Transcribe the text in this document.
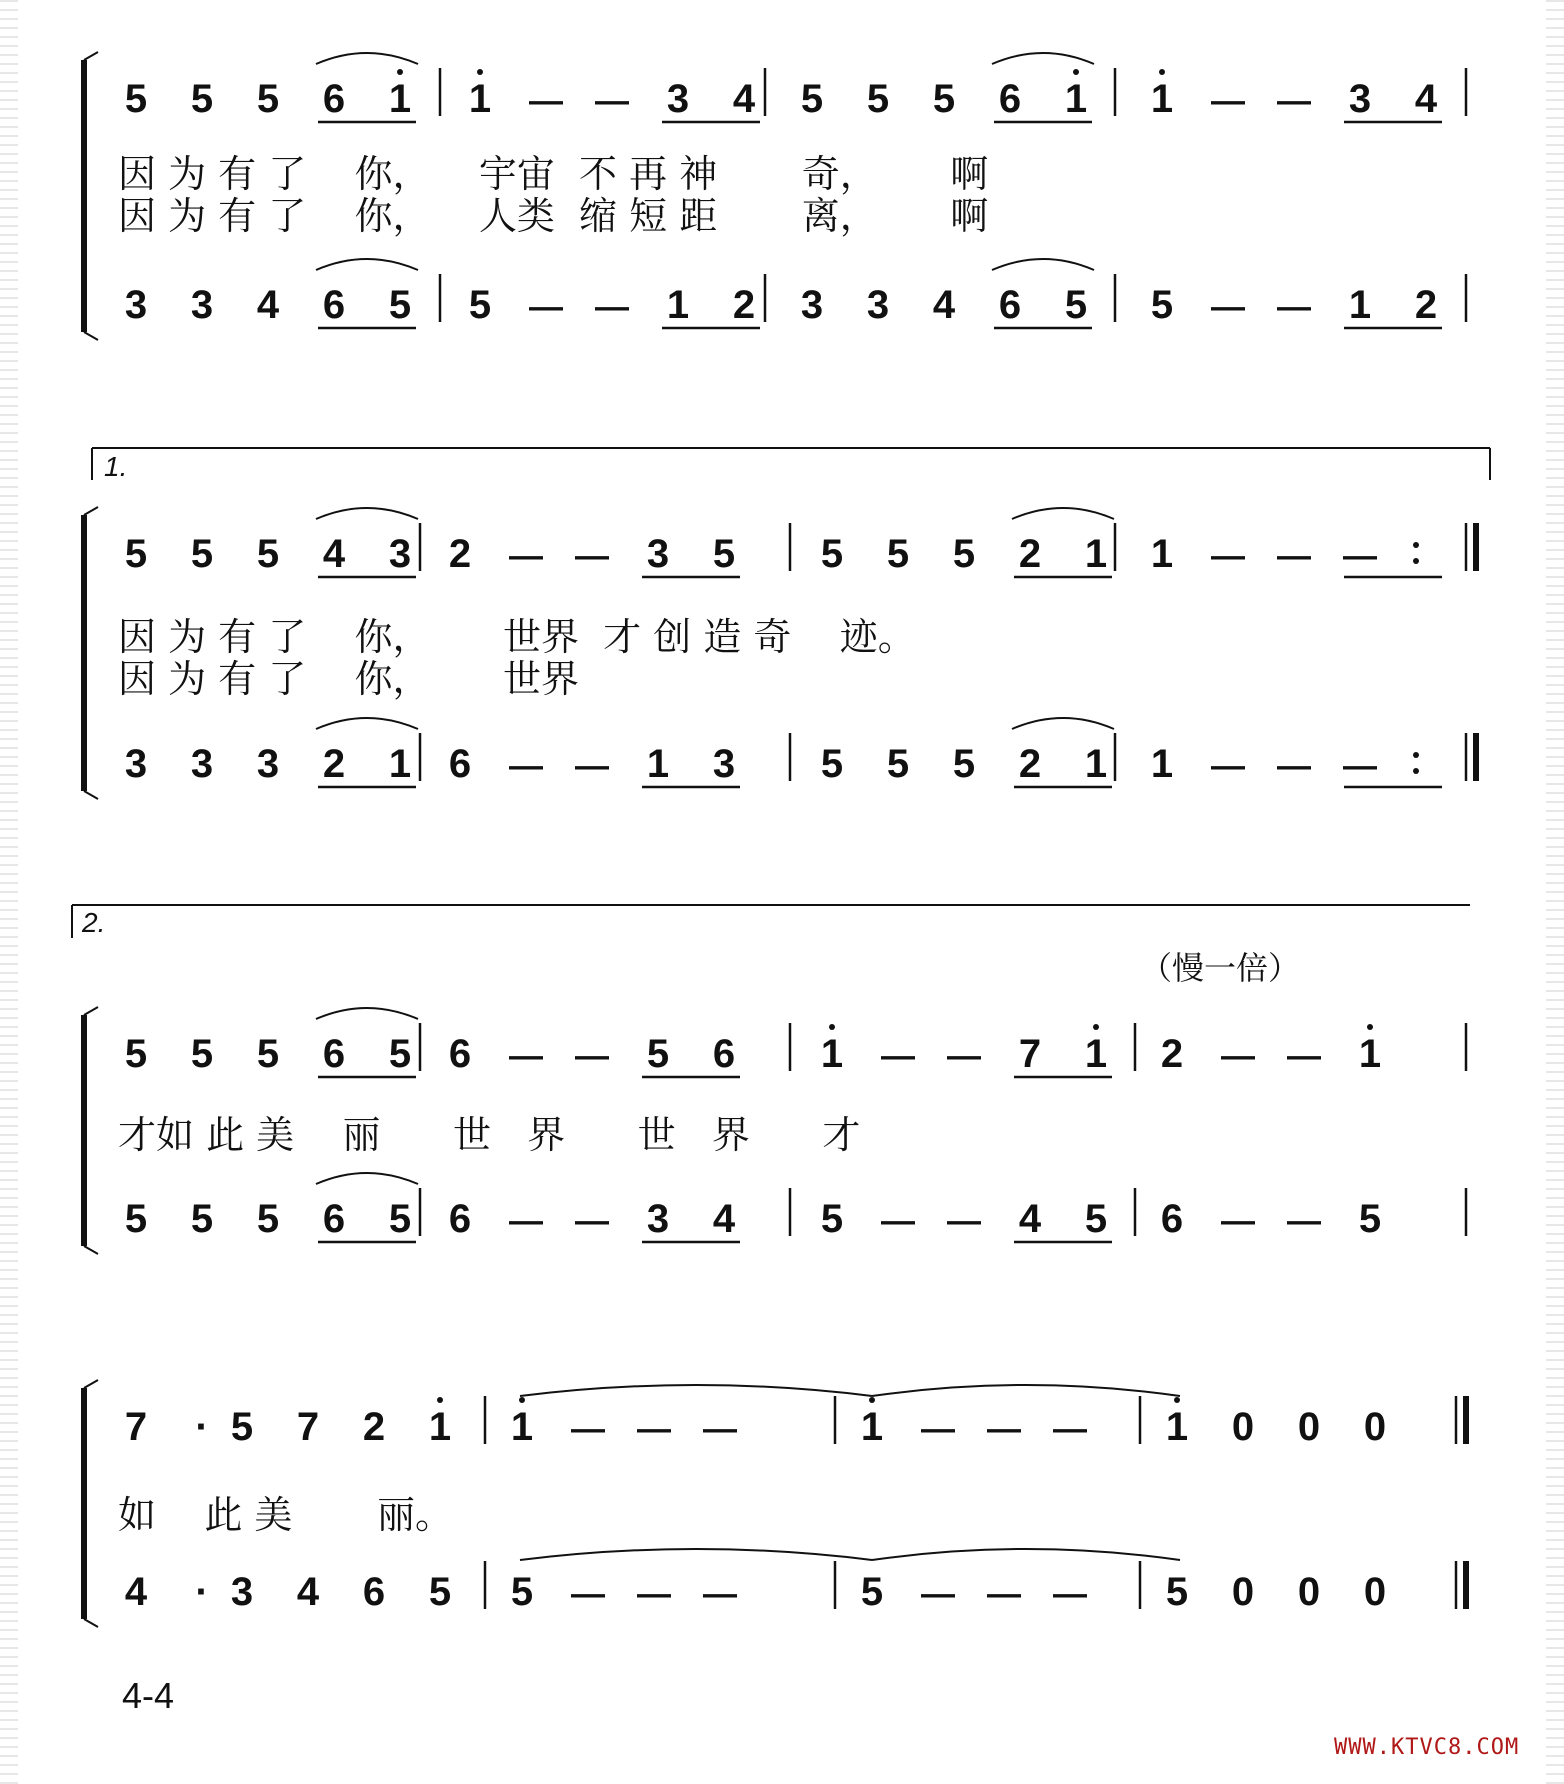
5 5 5 6 1 1 — — 3 4 5 5 5 6 1 1 — — 3 4
3 3 4 6 5 5 — — 1 2 3 3 4 6 5 5 — — 1 2
5 5 5 4 3 2 — — 3 5 5 5 5 2 1 1 — — —
3 3 3 2 1 6 — — 1 3 5 5 5 2 1 1 — — —
5 5 5 6 5 6 — — 5 6 1 — — 7 1 2 — — 1
5 5 5 6 5 6 — — 3 4 5 — — 4 5 6 — — 5
7 · 5 7 2 1 1 — — —	1 — — — 1 0 0 0
4 · 3 4 6 5 5 — — —	5 — — — 5 0 0 0
因 为 有 了    你，    宇宙  不 再 神       奇，      啊
因 为 有 了    你，    人类  缩 短 距       离，      啊
因 为 有 了    你，      世界  才 创 造 奇    迹。
因 为 有 了    你，      世界
才如 此 美    丽      世   界      世   界      才
如    此 美       丽。
1.
2.
（慢一倍）
4-4
WWW.KTVC8.COM
